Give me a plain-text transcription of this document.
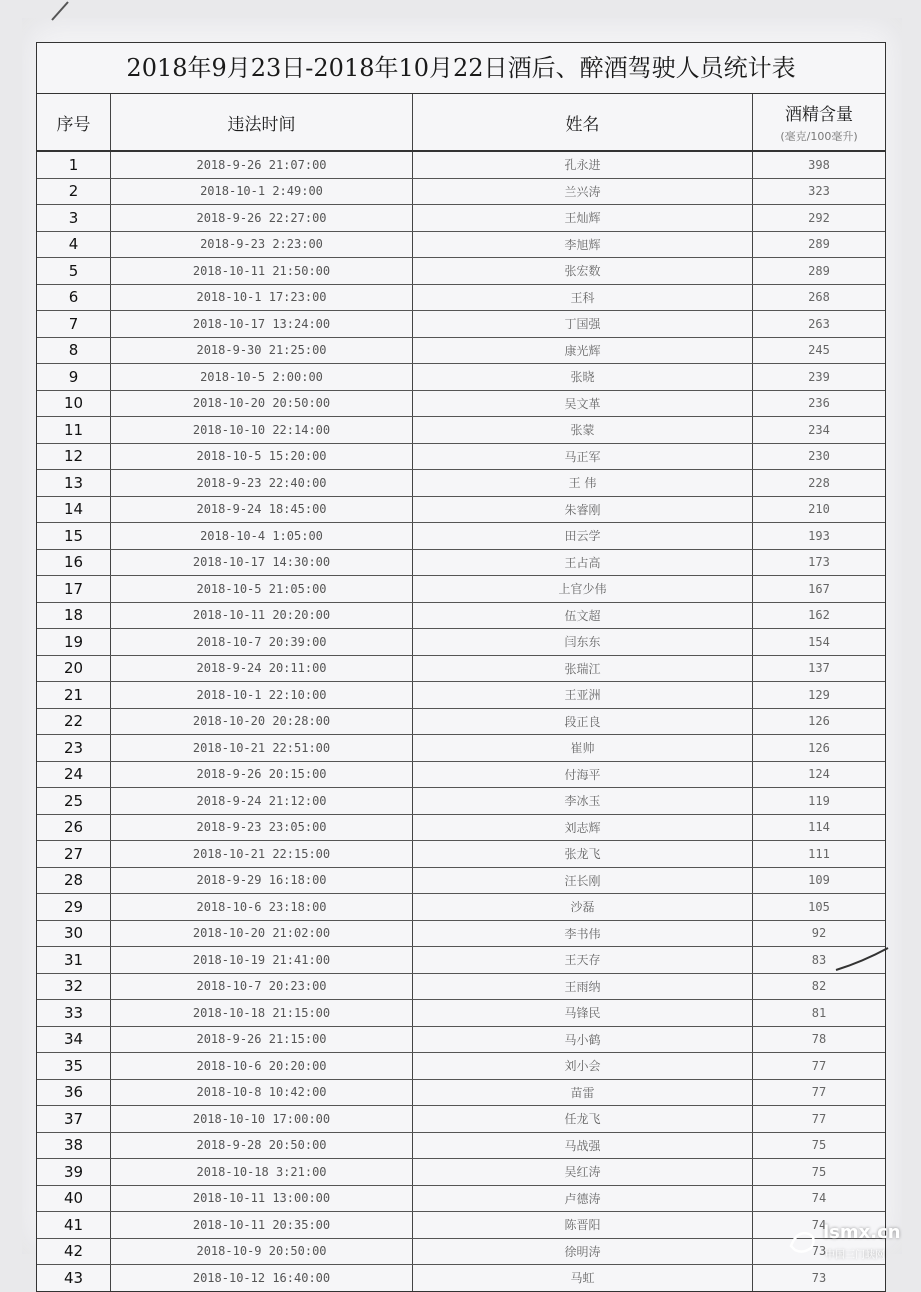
2018年9月23日-2018年10月22日酒后、醉酒驾驶人员统计表
序号	违法时间	姓名	酒精含量
(毫克/100毫升)
1	2018-9-26 21:07:00	孔永进	398
2	2018-10-1 2:49:00	兰兴涛	323
3	2018-9-26 22:27:00	王灿辉	292
4	2018-9-23 2:23:00	李旭辉	289
5	2018-10-11 21:50:00	张宏数	289
6	2018-10-1 17:23:00	王科	268
7	2018-10-17 13:24:00	丁国强	263
8	2018-9-30 21:25:00	康光辉	245
9	2018-10-5 2:00:00	张晓	239
10	2018-10-20 20:50:00	吴文革	236
11	2018-10-10 22:14:00	张蒙	234
12	2018-10-5 15:20:00	马正军	230
13	2018-9-23 22:40:00	王 伟	228
14	2018-9-24 18:45:00	朱睿刚	210
15	2018-10-4 1:05:00	田云学	193
16	2018-10-17 14:30:00	王占高	173
17	2018-10-5 21:05:00	上官少伟	167
18	2018-10-11 20:20:00	伍文超	162
19	2018-10-7 20:39:00	闫东东	154
20	2018-9-24 20:11:00	张瑞江	137
21	2018-10-1 22:10:00	王亚洲	129
22	2018-10-20 20:28:00	段正良	126
23	2018-10-21 22:51:00	崔帅	126
24	2018-9-26 20:15:00	付海平	124
25	2018-9-24 21:12:00	李冰玉	119
26	2018-9-23 23:05:00	刘志辉	114
27	2018-10-21 22:15:00	张龙飞	111
28	2018-9-29 16:18:00	汪长刚	109
29	2018-10-6 23:18:00	沙磊	105
30	2018-10-20 21:02:00	李书伟	92
31	2018-10-19 21:41:00	王天存	83
32	2018-10-7 20:23:00	王雨纳	82
33	2018-10-18 21:15:00	马锋民	81
34	2018-9-26 21:15:00	马小鹤	78
35	2018-10-6 20:20:00	刘小会	77
36	2018-10-8 10:42:00	苗雷	77
37	2018-10-10 17:00:00	任龙飞	77
38	2018-9-28 20:50:00	马战强	75
39	2018-10-18 3:21:00	吴红涛	75
40	2018-10-11 13:00:00	卢德涛	74
41	2018-10-11 20:35:00	陈晋阳	74
42	2018-10-9 20:50:00	徐明涛	73
43	2018-10-12 16:40:00	马虹	73
lsmx.cn
中国三门峡网
